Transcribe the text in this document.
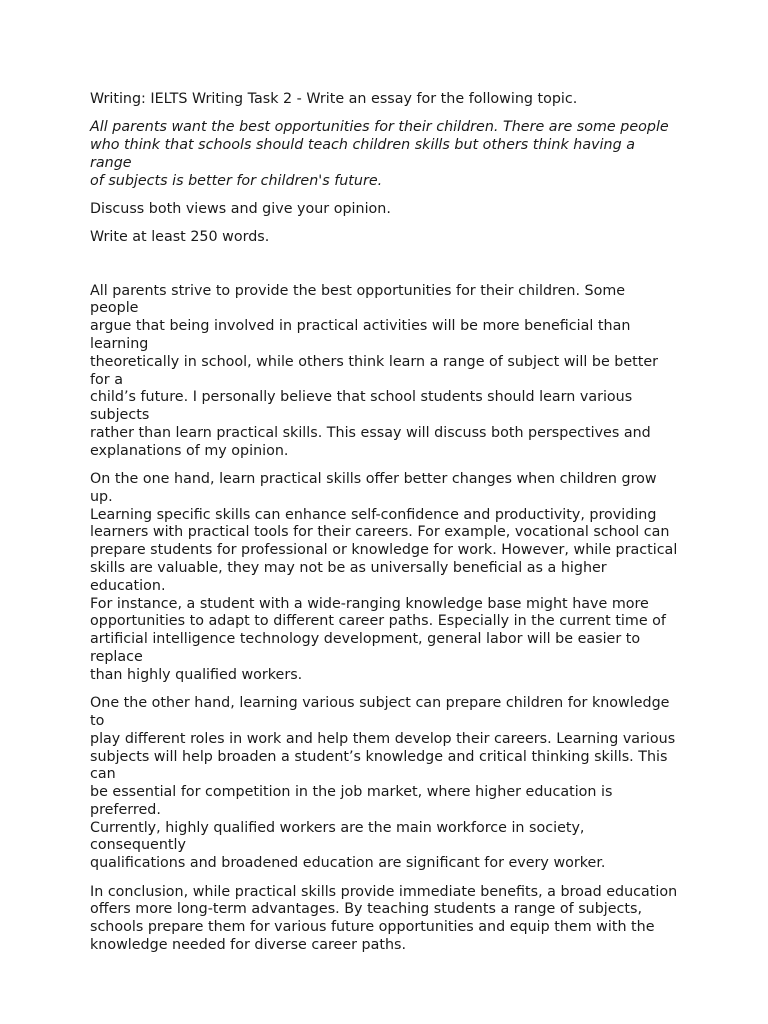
Writing: IELTS Writing Task 2 - Write an essay for the following topic.

All parents want the best opportunities for their children. There are some people
who think that schools should teach children skills but others think having a range
of subjects is better for children's future.

Discuss both views and give your opinion.

Write at least 250 words.

All parents strive to provide the best opportunities for their children. Some people
argue that being involved in practical activities will be more beneficial than learning
theoretically in school, while others think learn a range of subject will be better for a
child’s future. I personally believe that school students should learn various subjects
rather than learn practical skills. This essay will discuss both perspectives and
explanations of my opinion.

On the one hand, learn practical skills offer better changes when children grow up.
Learning specific skills can enhance self-confidence and productivity, providing
learners with practical tools for their careers. For example, vocational school can
prepare students for professional or knowledge for work. However, while practical
skills are valuable, they may not be as universally beneficial as a higher education.
For instance, a student with a wide-ranging knowledge base might have more
opportunities to adapt to different career paths. Especially in the current time of
artificial intelligence technology development, general labor will be easier to replace
than highly qualified workers.

One the other hand, learning various subject can prepare children for knowledge to
play different roles in work and help them develop their careers. Learning various
subjects will help broaden a student’s knowledge and critical thinking skills. This can
be essential for competition in the job market, where higher education is preferred.
Currently, highly qualified workers are the main workforce in society, consequently
qualifications and broadened education are significant for every worker.

In conclusion, while practical skills provide immediate benefits, a broad education
offers more long-term advantages. By teaching students a range of subjects,
schools prepare them for various future opportunities and equip them with the
knowledge needed for diverse career paths.
